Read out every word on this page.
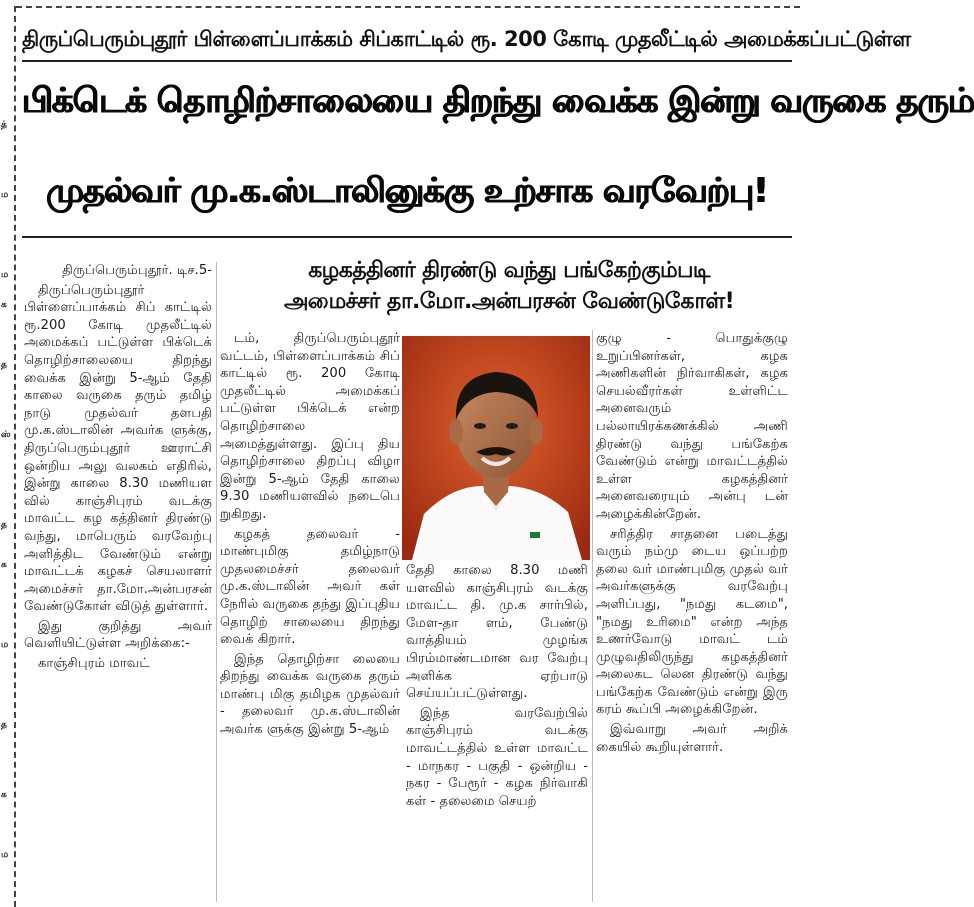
த்
ம
ம
க
த
ஸ்
த
க
ம
த
க
ம
திருப்பெரும்புதூர் பிள்ளைப்பாக்கம் சிப்காட்டில் ரூ. 200 கோடி முதலீட்டில் அமைக்கப்பட்டுள்ள
பிக்டெக் தொழிற்சாலையை திறந்து வைக்க இன்று வருகை தரும்
முதல்வர் மு.க.ஸ்டாலினுக்கு உற்சாக வரவேற்பு!
கழகத்தினர் திரண்டு வந்து பங்கேற்கும்படி
அமைச்சர் தா.மோ.அன்பரசன் வேண்டுகோள்!

திருப்பெரும்புதூர். டிச.5-

திருப்பெரும்புதூர் பிள்ளைப்பாக்கம் சிப் காட்டில் ரூ.200 கோடி முதலீட்டில் அமைக்கப் பட்டுள்ள பிக்டெக் தொழிற்சாலையை திறந்து வைக்க இன்று 5-ஆம் தேதி காலை வருகை தரும் தமிழ் நாடு முதல்வர் தளபதி மு.க.ஸ்டாலின் அவர்க ளுக்கு, திருப்பெரும்புதூர் ஊராட்சி ஒன்றிய அலு வலகம் எதிரில், இன்று காலை 8.30 மணியள வில் காஞ்சிபுரம் வடக்கு மாவட்ட கழ கத்தினர் திரண்டு வந்து, மாபெரும் வரவேற்பு அளித்திட வேண்டும் என்று மாவட்டக் கழகச் செயலாளர் அமைச்சர் தா.மோ.அன்பரசன் வேண்டுகோள் விடுத் துள்ளார்.

இது குறித்து அவர் வெளியிட்டுள்ள அறிக்கை:-

காஞ்சிபுரம் மாவட்

டம், திருப்பெரும்புதூர் வட்டம், பிள்ளைப்பாக்கம் சிப் காட்டில் ரூ. 200 கோடி முதலீட்டில் அமைக்கப் பட்டுள்ள பிக்டெக் என்ற தொழிற்சாலை அமைத்துள்ளது. இப்பு திய தொழிற்சாலை திறப்பு விழா இன்று 5-ஆம் தேதி காலை 9.30 மணியளவில் நடைபெ றுகிறது.

கழகத் தலைவர் - மாண்புமிகு தமிழ்நாடு முதலமைச்சர் தலைவர் மு.க.ஸ்டாலின் அவர் கள் நேரில் வருகை தந்து இப்புதிய தொழிற் சாலையை திறந்து வைக் கிறார்.

இந்த தொழிற்சா லையை திறந்து வைக்க வருகை தரும் மாண்பு மிகு தமிழக முதல்வர் - தலைவர் மு.க.ஸ்டாலின் அவர்க ளுக்கு இன்று 5-ஆம்

தேதி காலை 8.30 மணி யளவில் காஞ்சிபுரம் வடக்கு மாவட்ட தி. மு.க சார்பில், மேள-தா ளம், பேண்டு வாத்தியம் முழங்க பிரம்மாண்டமான வர வேற்பு அளிக்க ஏற்பாடு செய்யப்பட்டுள்ளது.

இந்த வரவேற்பில் காஞ்சிபுரம் வடக்கு மாவட்டத்தில் உள்ள மாவட்ட - மாநகர - பகுதி - ஒன்றிய - நகர - பேரூர் - கழக நிர்வாகி கள் - தலைமை செயற்

குழு - பொதுக்குழு உறுப்பினர்கள், கழக அணிகளின் நிர்வாகிகள், கழக செயல்வீரர்கள் உள்ளிட்ட அனைவரும் பல்லாயிரக்கணக்கில் அணி திரண்டு வந்து பங்கேற்க வேண்டும் என்று மாவட்டத்தில் உள்ள கழகத்தினர் அனைவரையும் அன்பு டன் அழைக்கின்றேன்.

சரித்திர சாதனை படைத்து வரும் நம்மு டைய ஒப்பற்ற தலை வர் மாண்புமிகு முதல் வர் அவர்களுக்கு வரவேற்பு அளிப்பது, "நமது கடமை", "நமது உரிமை" என்ற அந்த உணர்வோடு மாவட் டம் முழுவதிலிருந்து கழகத்தினர் அலைகட லென திரண்டு வந்து பங்கேற்க வேண்டும் என்று இரு கரம் கூப்பி அழைக்கிறேன்.

இவ்வாறு அவர் அறிக் கையில் கூறியுள்ளார்.
